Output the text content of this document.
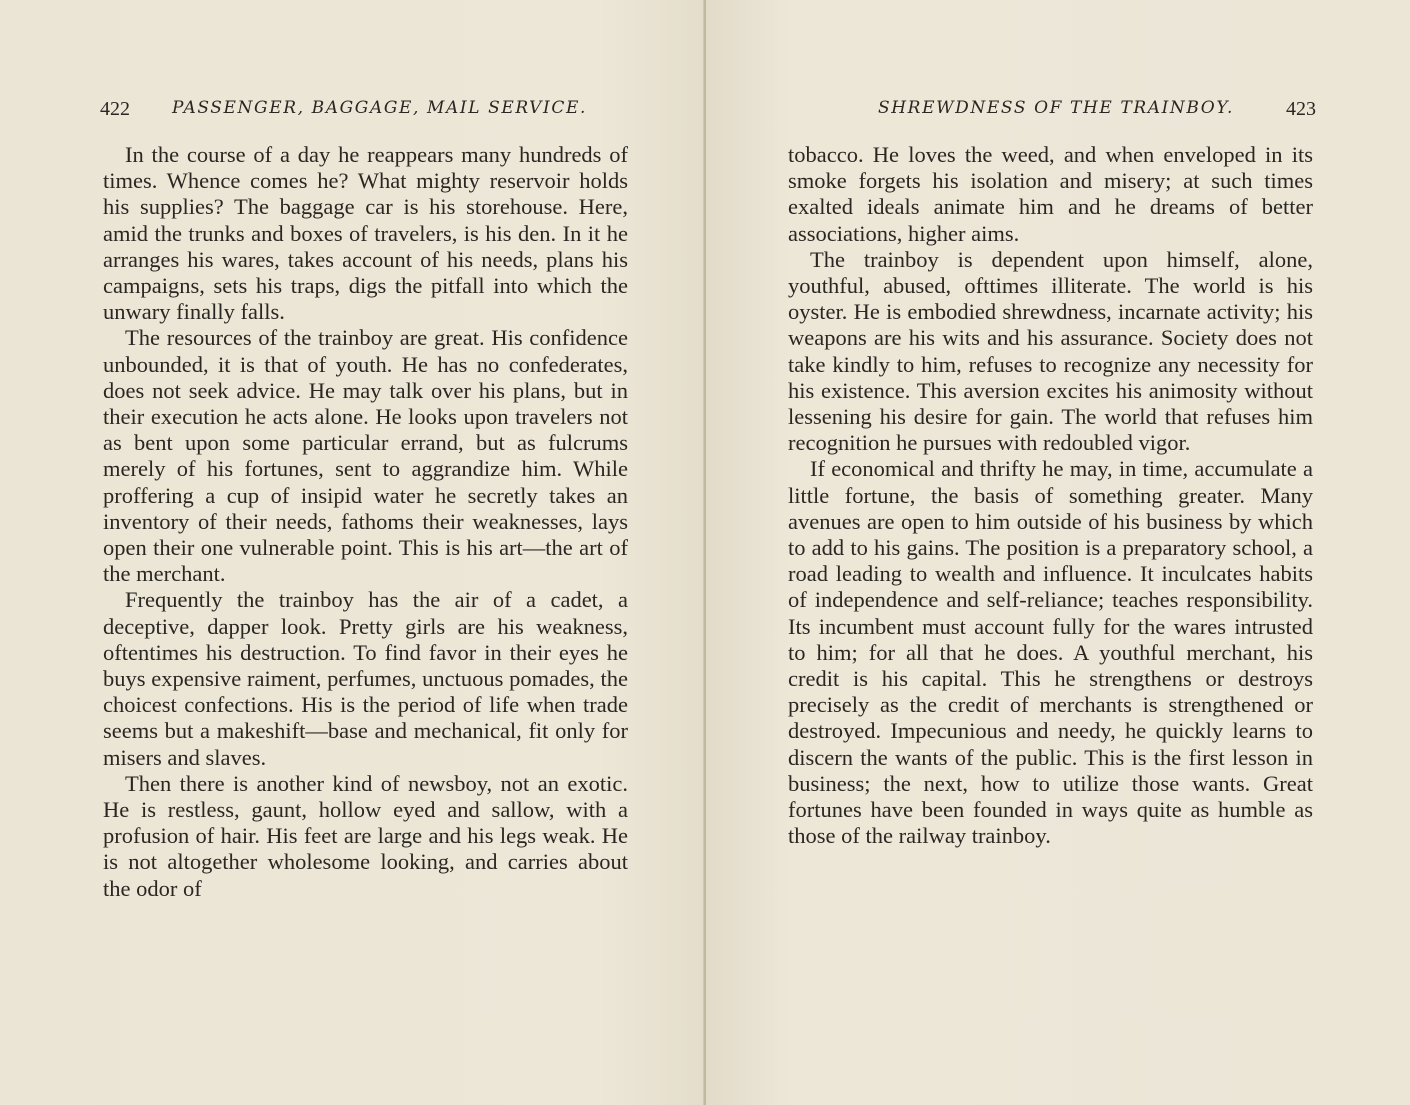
422 PASSENGER, BAGGAGE, MAIL SERVICE.

In the course of a day he reappears many hundreds of times. Whence comes he? What mighty reservoir holds his supplies? The baggage car is his storehouse. Here, amid the trunks and boxes of travelers, is his den. In it he arranges his wares, takes account of his needs, plans his campaigns, sets his traps, digs the pitfall into which the unwary finally falls.

The resources of the trainboy are great. His confidence unbounded, it is that of youth. He has no confederates, does not seek advice. He may talk over his plans, but in their execution he acts alone. He looks upon travelers not as bent upon some particular errand, but as fulcrums merely of his fortunes, sent to aggrandize him. While proffering a cup of insipid water he secretly takes an inventory of their needs, fathoms their weaknesses, lays open their one vulnerable point. This is his art—the art of the merchant.

Frequently the trainboy has the air of a cadet, a deceptive, dapper look. Pretty girls are his weakness, oftentimes his destruction. To find favor in their eyes he buys expensive raiment, perfumes, unctuous pomades, the choicest confections. His is the period of life when trade seems but a makeshift—base and mechanical, fit only for misers and slaves.

Then there is another kind of newsboy, not an exotic. He is restless, gaunt, hollow eyed and sallow, with a profusion of hair. His feet are large and his legs weak. He is not altogether wholesome looking, and carries about the odor of

SHREWDNESS OF THE TRAINBOY.	423

tobacco. He loves the weed, and when enveloped in its smoke forgets his isolation and misery; at such times exalted ideals animate him and he dreams of better associations, higher aims.

The trainboy is dependent upon himself, alone, youthful, abused, ofttimes illiterate. The world is his oyster. He is embodied shrewdness, incarnate activity; his weapons are his wits and his assurance. Society does not take kindly to him, refuses to recognize any necessity for his existence. This aversion excites his animosity without lessening his desire for gain. The world that refuses him recognition he pursues with redoubled vigor.

If economical and thrifty he may, in time, accumulate a little fortune, the basis of something greater. Many avenues are open to him outside of his business by which to add to his gains. The position is a preparatory school, a road leading to wealth and influence. It inculcates habits of independence and self-reliance; teaches responsibility. Its incumbent must account fully for the wares intrusted to him; for all that he does. A youthful merchant, his credit is his capital. This he strengthens or destroys precisely as the credit of merchants is strengthened or destroyed. Impecunious and needy, he quickly learns to discern the wants of the public. This is the first lesson in business; the next, how to utilize those wants. Great fortunes have been founded in ways quite as humble as those of the railway trainboy.
